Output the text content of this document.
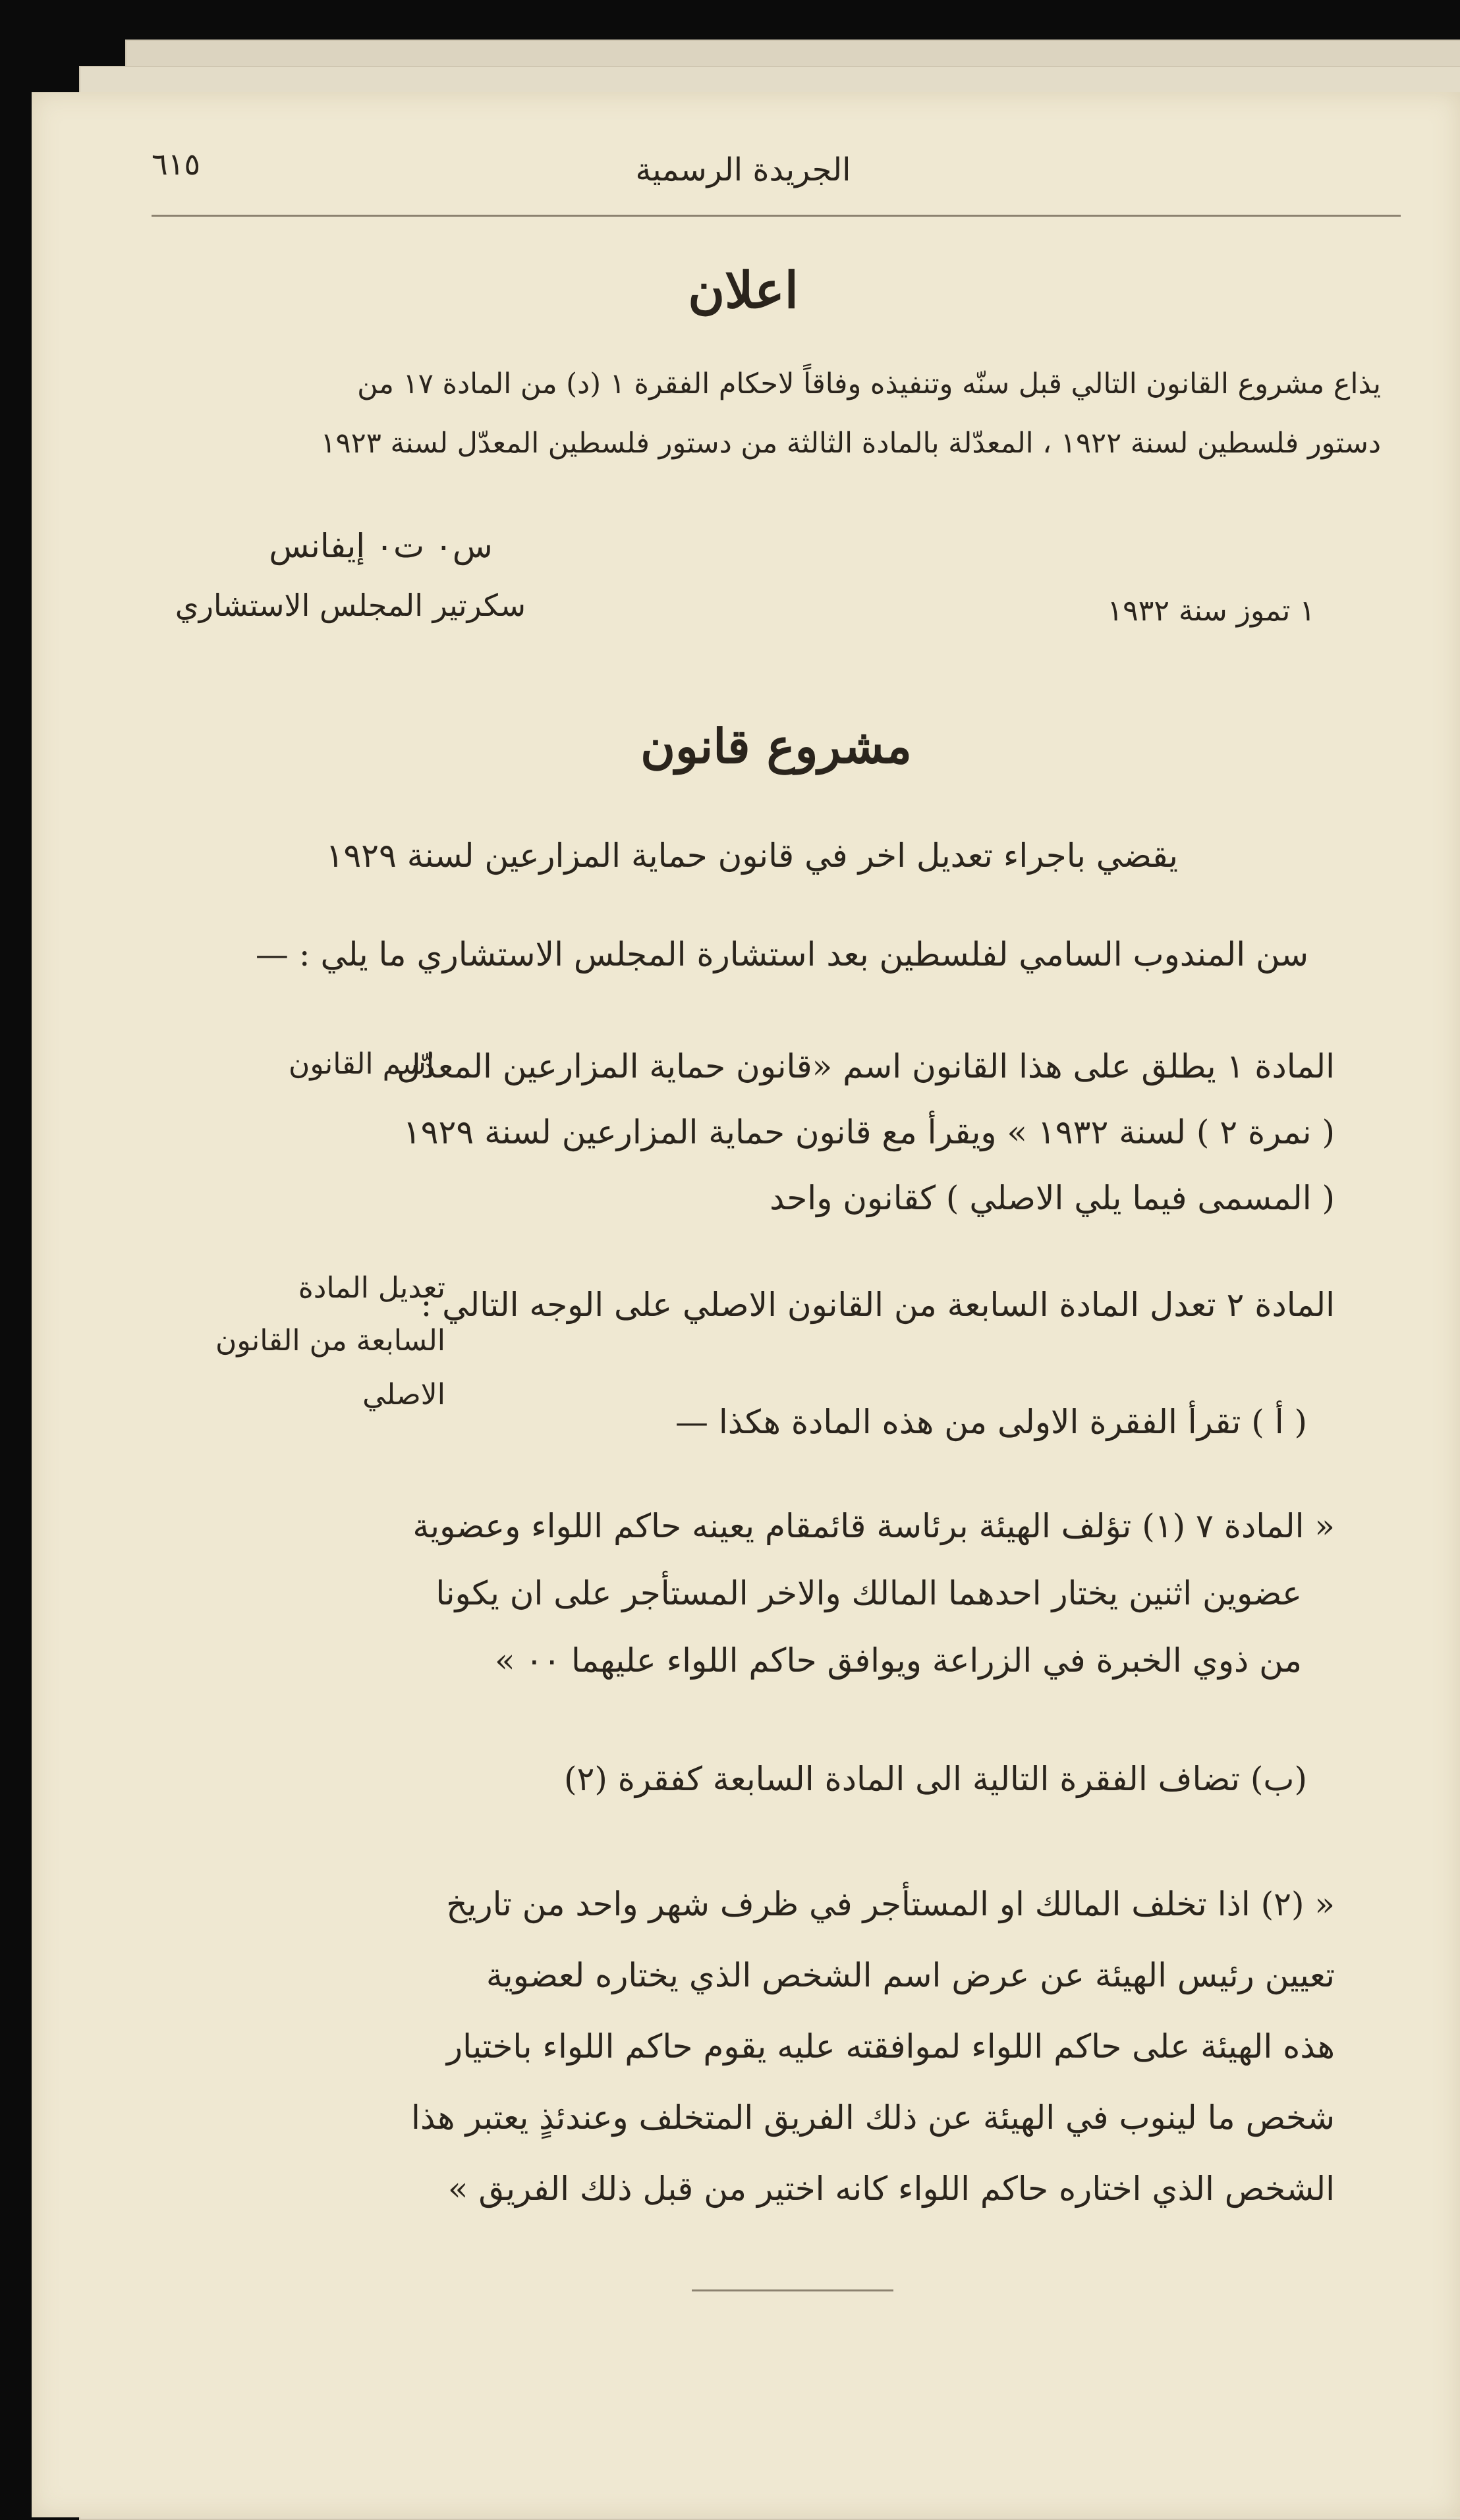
٦١٥	الجريدة الرسمية
اعلان
يذاع مشروع القانون التالي قبل سنّه وتنفيذه وفاقاً لاحكام الفقرة ١ (د) من المادة ١٧ من
دستور فلسطين لسنة ١٩٢٢ ، المعدّلة بالمادة الثالثة من دستور فلسطين المعدّل لسنة ١٩٢٣
س٠ ت٠ إيفانس
سكرتير المجلس الاستشاري	١ تموز سنة ١٩٣٢
مشروع قانون
يقضي باجراء تعديل اخر في قانون حماية المزارعين لسنة ١٩٢٩
سن المندوب السامي لفلسطين بعد استشارة المجلس الاستشاري ما يلي : —
اسم القانون
المادة ١ يطلق على هذا القانون اسم «قانون حماية المزارعين المعدّل
( نمرة ٢ ) لسنة ١٩٣٢ » ويقرأ مع قانون حماية المزارعين لسنة ١٩٢٩
( المسمى فيما يلي الاصلي ) كقانون واحد
تعديل المادة
السابعة من القانون
الاصلي
المادة ٢ تعدل المادة السابعة من القانون الاصلي على الوجه التالي :
( أ ) تقرأ الفقرة الاولى من هذه المادة هكذا —
« المادة ٧ (١) تؤلف الهيئة برئاسة قائمقام يعينه حاكم اللواء وعضوية
عضوين اثنين يختار احدهما المالك والاخر المستأجر على ان يكونا
من ذوي الخبرة في الزراعة ويوافق حاكم اللواء عليهما ٠٠ »
(ب) تضاف الفقرة التالية الى المادة السابعة كفقرة (٢)
« (٢) اذا تخلف المالك او المستأجر في ظرف شهر واحد من تاريخ
تعيين رئيس الهيئة عن عرض اسم الشخص الذي يختاره لعضوية
هذه الهيئة على حاكم اللواء لموافقته عليه يقوم حاكم اللواء باختيار
شخص ما لينوب في الهيئة عن ذلك الفريق المتخلف وعندئذٍ يعتبر هذا
الشخص الذي اختاره حاكم اللواء كانه اختير من قبل ذلك الفريق »
